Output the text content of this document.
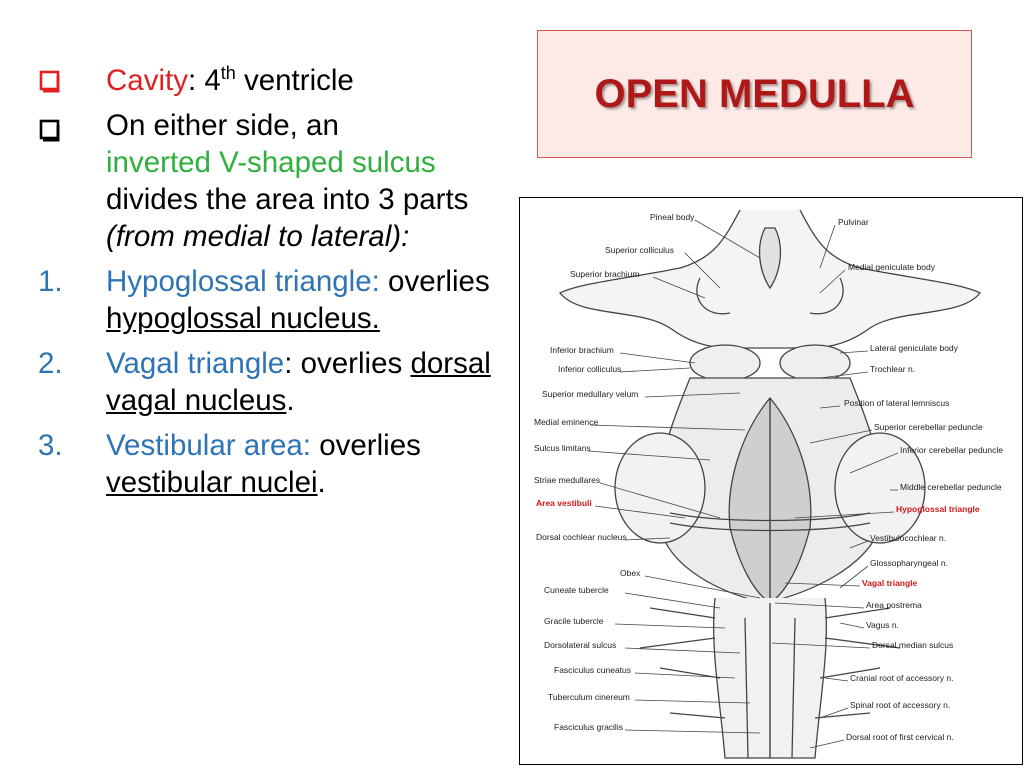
OPEN MEDULLA
Cavity: 4th ventricle
On either side, an
inverted V-shaped sulcus
divides the area into 3 parts (from medial to lateral):
1. Hypoglossal triangle: overlies hypoglossal nucleus.
2. Vagal triangle: overlies dorsal vagal nucleus.
3. Vestibular area: overlies vestibular nuclei.
Pineal body
Superior colliculus
Superior brachium
Inferior brachium
Inferior colliculus
Superior medullary velum
Medial eminence
Sulcus limitans
Striae medullares
Area vestibuli
Dorsal cochlear nucleus
Obex
Cuneate tubercle
Gracile tubercle
Dorsolateral sulcus
Fasciculus cuneatus
Tuberculum cinereum
Fasciculus gracilis
Pulvinar
Medial geniculate body
Lateral geniculate body
Trochlear n.
Position of lateral lemniscus
Superior cerebellar peduncle
Inferior cerebellar peduncle
Middle cerebellar peduncle
Hypoglossal triangle
Vestibulocochlear n.
Glossopharyngeal n.
Vagal triangle
Area postrema
Vagus n.
Dorsal median sulcus
Cranial root of accessory n.
Spinal root of accessory n.
Dorsal root of first cervical n.
